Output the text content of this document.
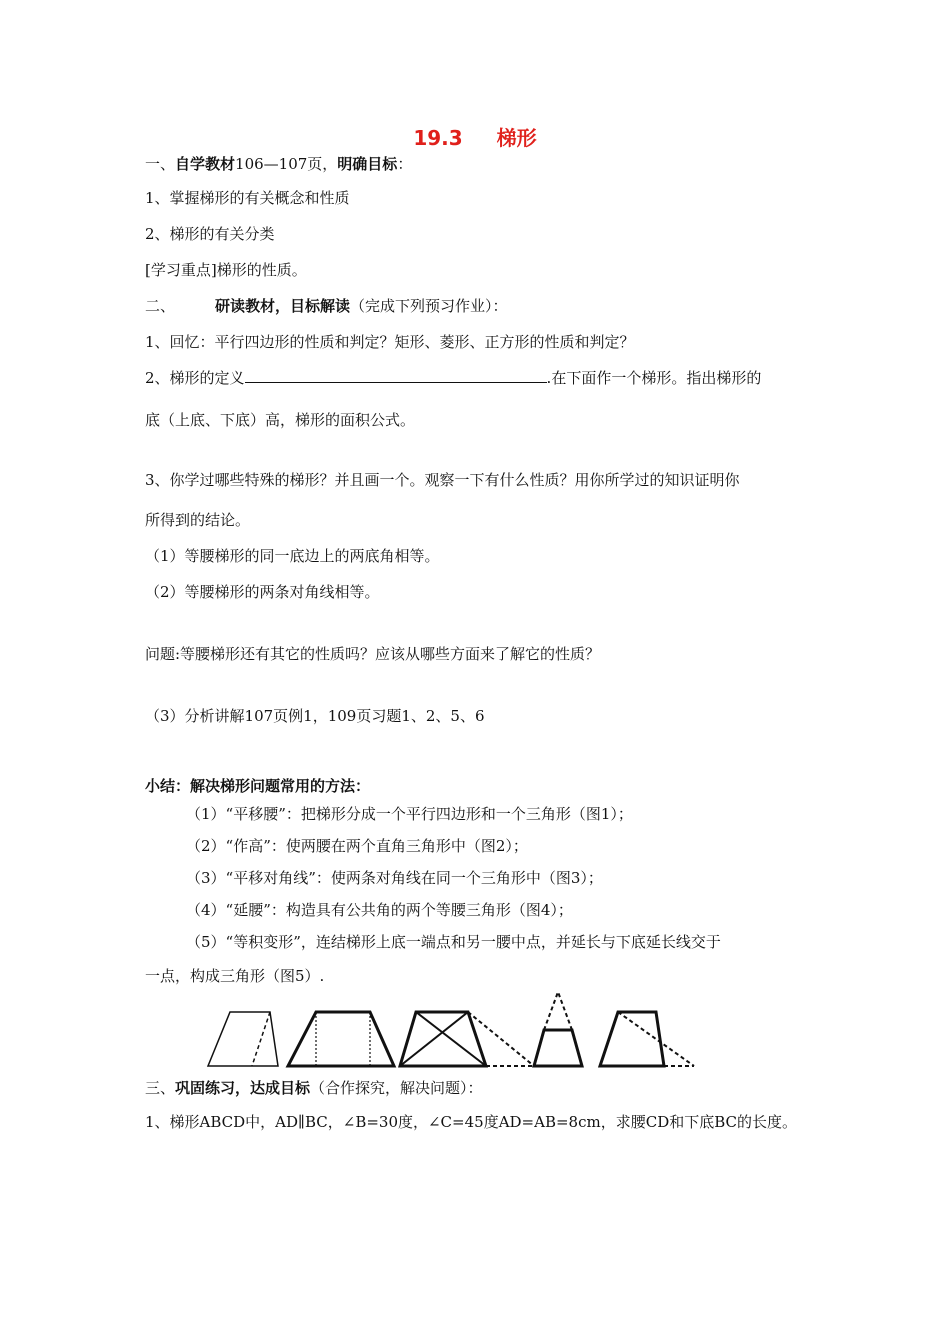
19.3 梯形
一、自学教材106—107页，明确目标：
1、掌握梯形的有关概念和性质
2、梯形的有关分类
[学习重点]梯形的性质。
二、	研读教材，目标解读（完成下列预习作业）：
1、回忆：平行四边形的性质和判定？矩形、菱形、正方形的性质和判定？
2、梯形的定义	.在下面作一个梯形。指出梯形的
底（上底、下底）高，梯形的面积公式。
3、你学过哪些特殊的梯形？并且画一个。观察一下有什么性质？用你所学过的知识证明你
所得到的结论。
（1）等腰梯形的同一底边上的两底角相等。
（2）等腰梯形的两条对角线相等。
问题:等腰梯形还有其它的性质吗？应该从哪些方面来了解它的性质？
（3）分析讲解107页例1，109页习题1、2、5、6
小结：解决梯形问题常用的方法：
（1）“平移腰”：把梯形分成一个平行四边形和一个三角形（图1）；
（2）“作高”：使两腰在两个直角三角形中（图2）；
（3）“平移对角线”：使两条对角线在同一个三角形中（图3）；
（4）“延腰”：构造具有公共角的两个等腰三角形（图4）；
（5）“等积变形”，连结梯形上底一端点和另一腰中点，并延长与下底延长线交于
一点，构成三角形（图5）.
三、巩固练习，达成目标（合作探究，解决问题）：
1、梯形ABCD中，AD∥BC，∠B=30度，∠C=45度AD=AB=8cm，求腰CD和下底BC的长度。
